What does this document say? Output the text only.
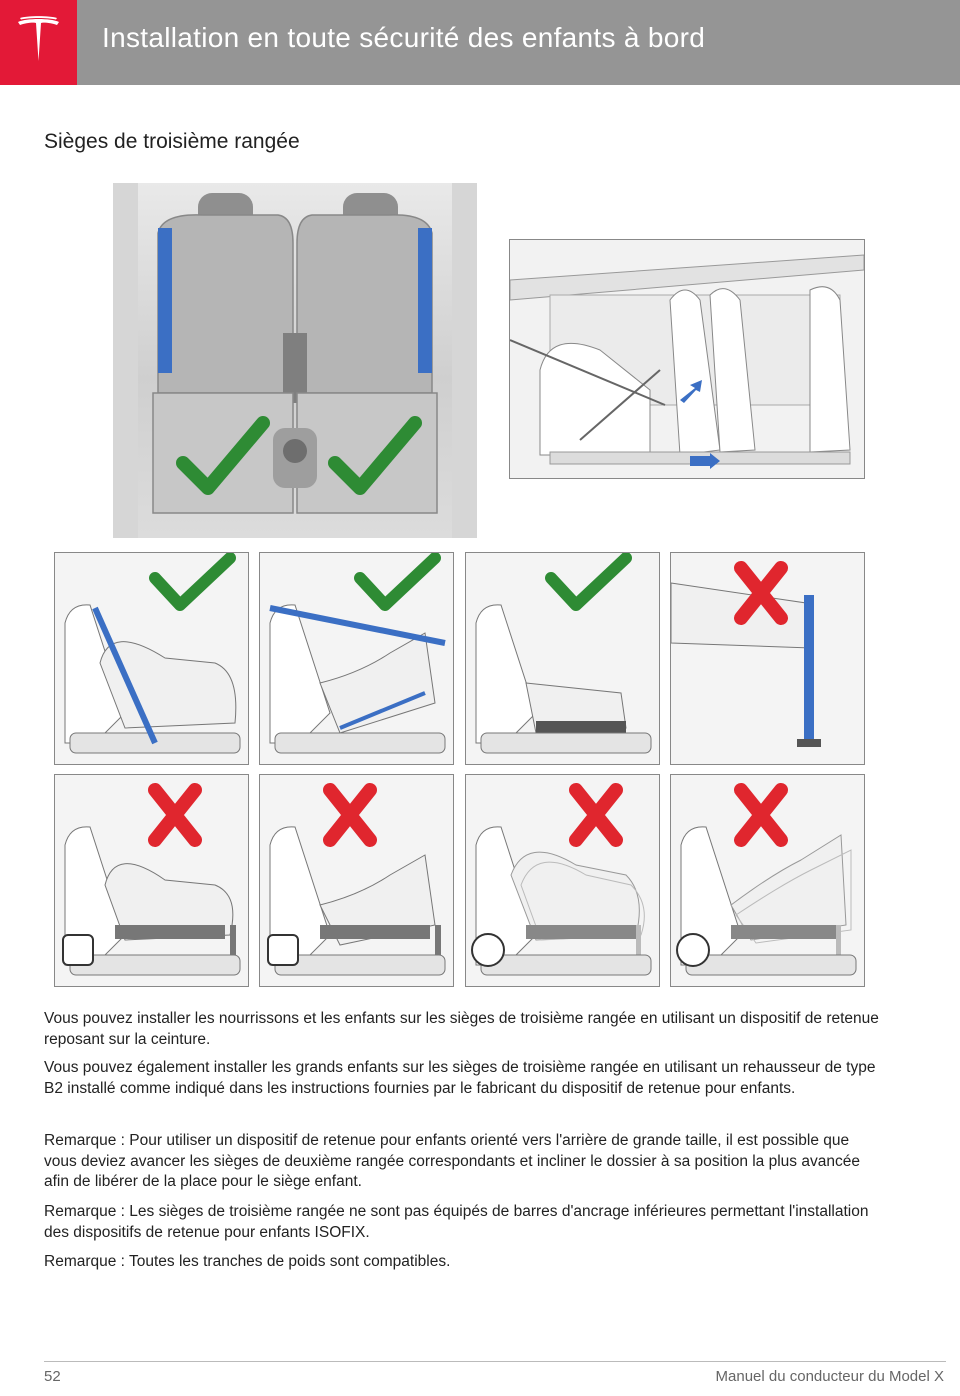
Installation en toute sécurité des enfants à bord
Sièges de troisième rangée

Vous pouvez installer les nourrissons et les enfants sur les sièges de troisième rangée en utilisant un dispositif de retenue reposant sur la ceinture.

Vous pouvez également installer les grands enfants sur les sièges de troisième rangée en utilisant un rehausseur de type B2 installé comme indiqué dans les instructions fournies par le fabricant du dispositif de retenue pour enfants.

Remarque : Pour utiliser un dispositif de retenue pour enfants orienté vers l'arrière de grande taille, il est possible que vous deviez avancer les sièges de deuxième rangée correspondants et incliner le dossier à sa position la plus avancée afin de libérer de la place pour le siège enfant.

Remarque : Les sièges de troisième rangée ne sont pas équipés de barres d'ancrage inférieures permettant l'installation des dispositifs de retenue pour enfants ISOFIX.

Remarque : Toutes les tranches de poids sont compatibles.

52	Manuel du conducteur du Model X
